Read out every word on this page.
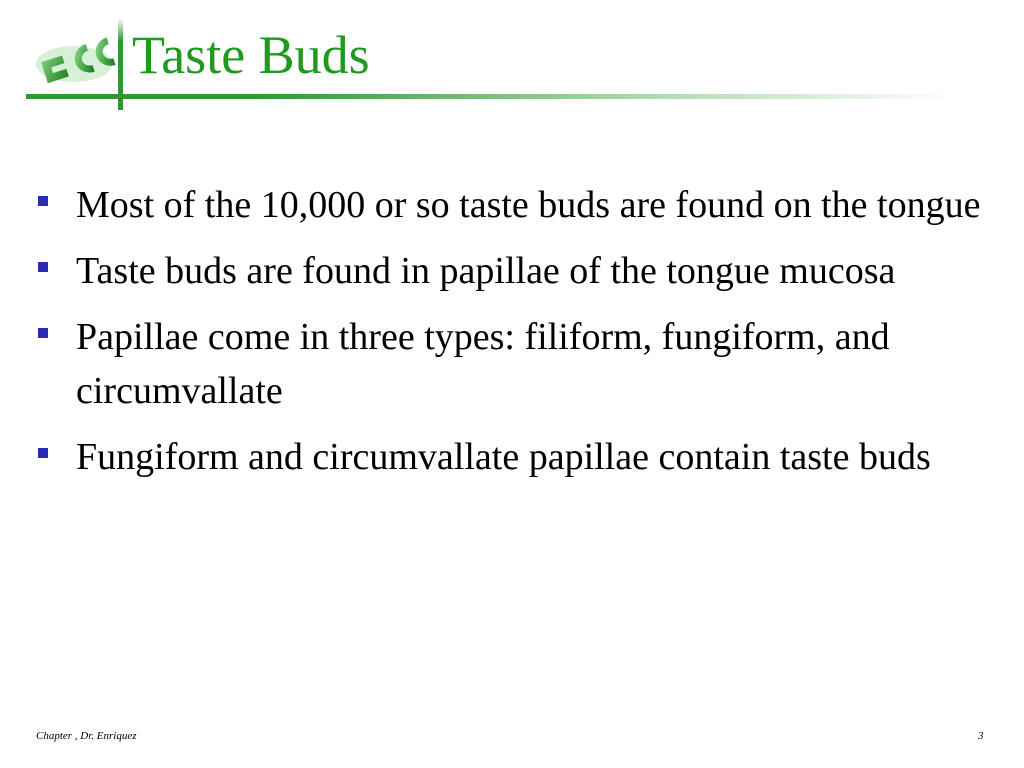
Taste Buds
Most of the 10,000 or so taste buds are found on the tongue
Taste buds are found in papillae of the tongue mucosa
Papillae come in three types: filiform, fungiform, and circumvallate
Fungiform and circumvallate papillae contain taste buds
Chapter , Dr. Enriquez	3
